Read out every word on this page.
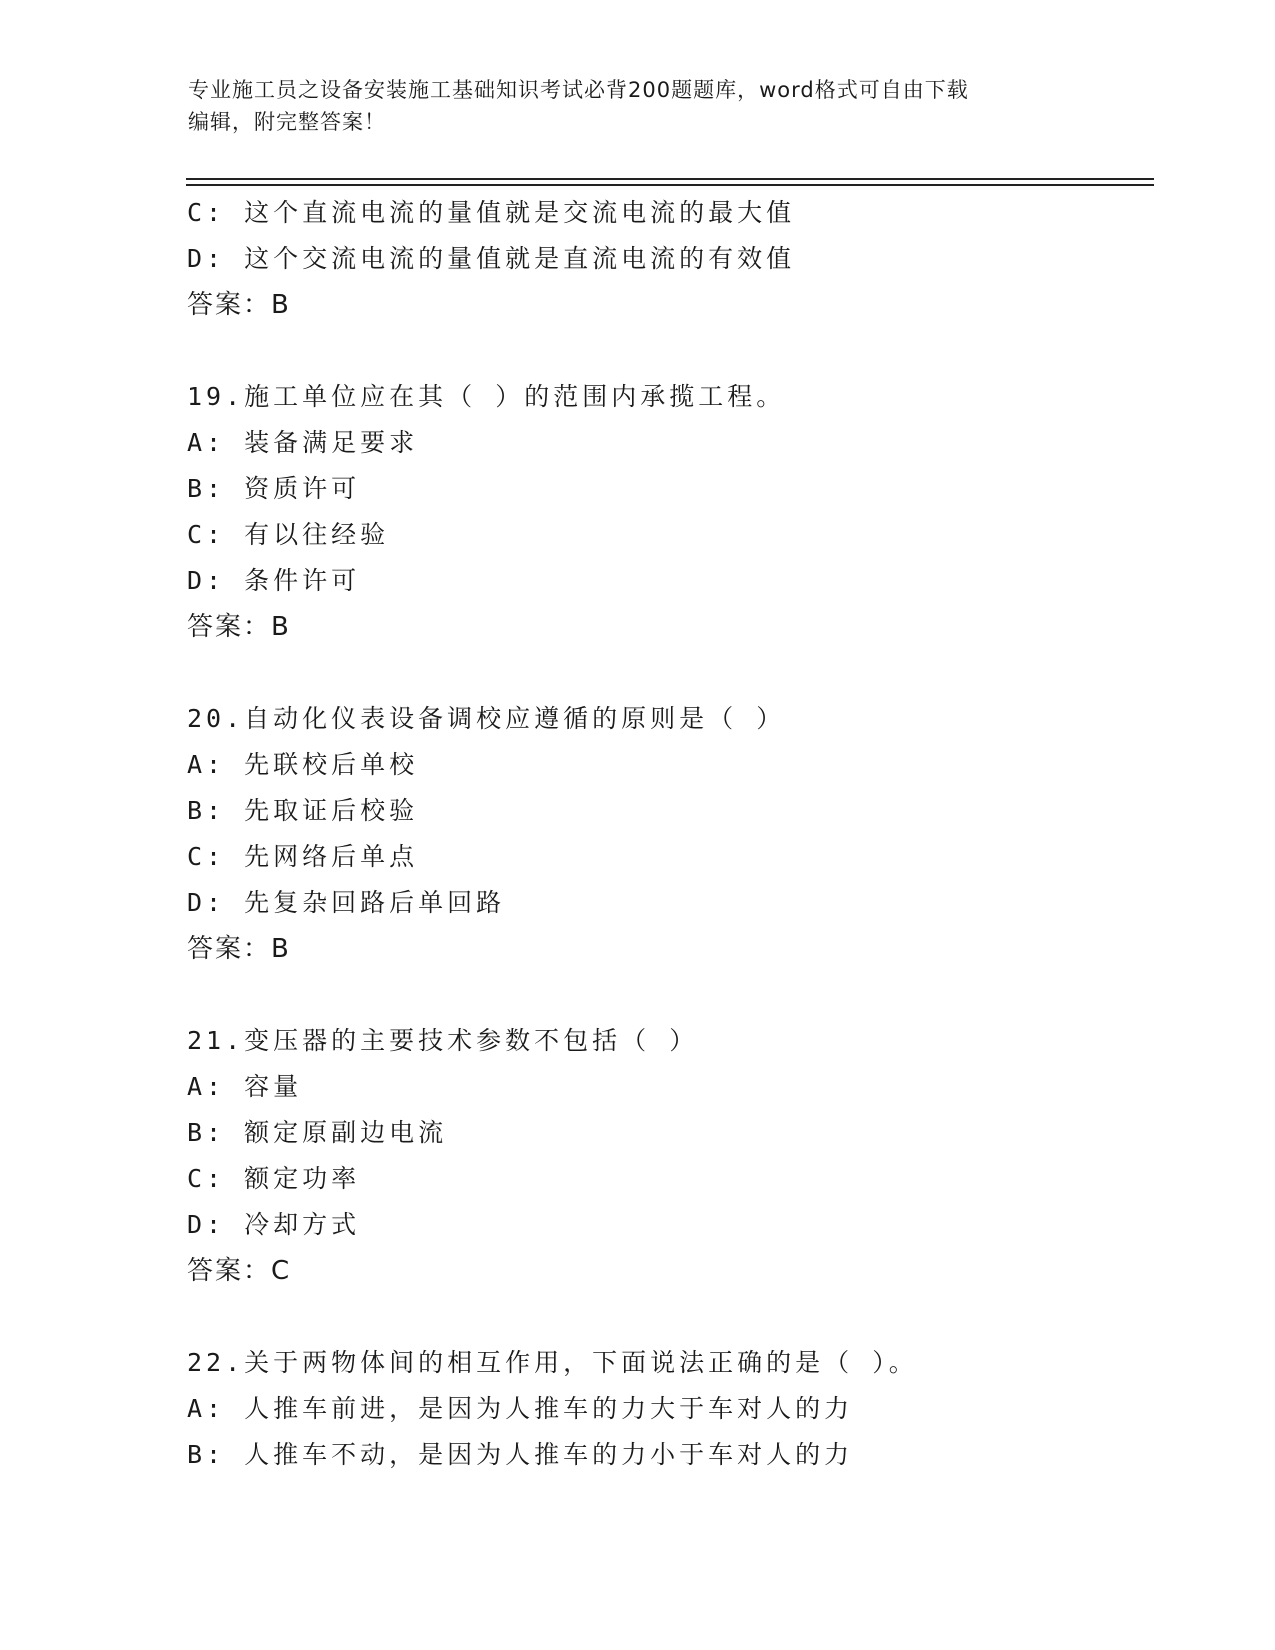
专业施工员之设备安装施工基础知识考试必背200题题库，word格式可自由下载
编辑，附完整答案！
C: 这个直流电流的量值就是交流电流的最大值
D: 这个交流电流的量值就是直流电流的有效值
答案：B
19.施工单位应在其（ ）的范围内承揽工程。
A: 装备满足要求
B: 资质许可
C: 有以往经验
D: 条件许可
答案：B
20.自动化仪表设备调校应遵循的原则是（ ）
A: 先联校后单校
B: 先取证后校验
C: 先网络后单点
D: 先复杂回路后单回路
答案：B
21.变压器的主要技术参数不包括（ ）
A: 容量
B: 额定原副边电流
C: 额定功率
D: 冷却方式
答案：C
22.关于两物体间的相互作用，下面说法正确的是（ ）。
A: 人推车前进，是因为人推车的力大于车对人的力
B: 人推车不动，是因为人推车的力小于车对人的力
